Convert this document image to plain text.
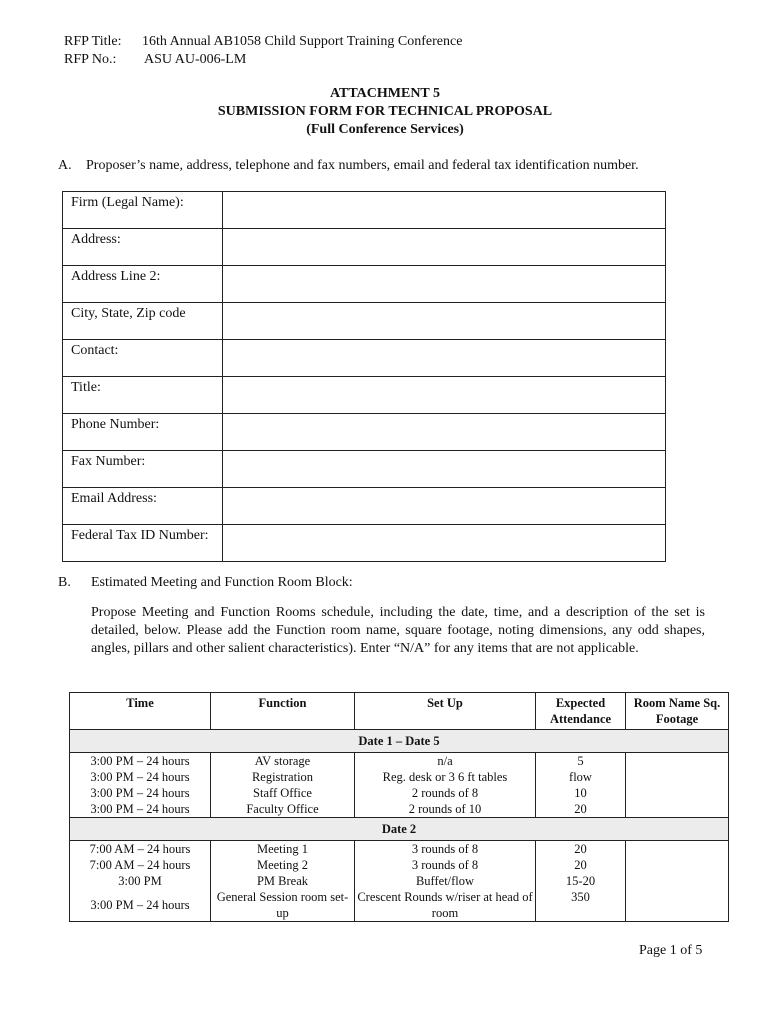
RFP Title: 16th Annual AB1058 Child Support Training Conference
RFP No.: ASU AU-006-LM
ATTACHMENT 5
SUBMISSION FORM FOR TECHNICAL PROPOSAL
(Full Conference Services)
A. Proposer’s name, address, telephone and fax numbers, email and federal tax identification number.
Firm (Legal Name):	
Address:	
Address Line 2:	
City, State, Zip code	
Contact:	
Title:	
Phone Number:	
Fax Number:	
Email Address:	
Federal Tax ID Number:	
B. Estimated Meeting and Function Room Block:
Propose Meeting and Function Rooms schedule, including the date, time, and a description of the set is detailed, below. Please add the Function room name, square footage, noting dimensions, any odd shapes, angles, pillars and other salient characteristics). Enter “N/A” for any items that are not applicable.
Time	Function	Set Up	Expected Attendance	Room Name Sq. Footage
Date 1 – Date 5				
3:00 PM – 24 hours	AV storage	n/a	5	
3:00 PM – 24 hours	Registration	Reg. desk or 3 6 ft tables	flow	
3:00 PM – 24 hours	Staff Office	2 rounds of 8	10	
3:00 PM – 24 hours	Faculty Office	2 rounds of 10	20	
Date 2				
7:00 AM – 24 hours	Meeting 1	3 rounds of 8	20	
7:00 AM – 24 hours	Meeting 2	3 rounds of 8	20	
3:00 PM	PM Break	Buffet/flow	15-20	
3:00 PM – 24 hours	General Session room set-up	Crescent Rounds w/riser at head of room	350	
Page 1 of 5
